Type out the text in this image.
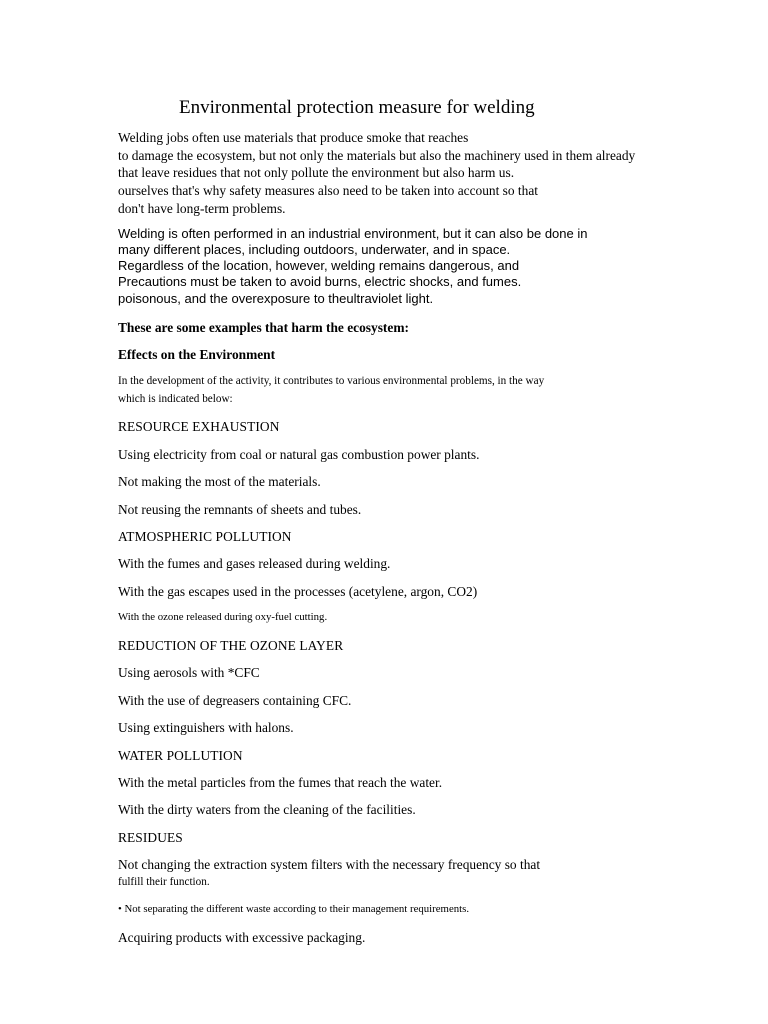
Environmental protection measure for welding
Welding jobs often use materials that produce smoke that reaches
to damage the ecosystem, but not only the materials but also the machinery used in them already
that leave residues that not only pollute the environment but also harm us.
ourselves that's why safety measures also need to be taken into account so that
don't have long-term problems.
Welding is often performed in an industrial environment, but it can also be done in
many different places, including outdoors, underwater, and in space.
Regardless of the location, however, welding remains dangerous, and
Precautions must be taken to avoid burns, electric shocks, and fumes.
poisonous, and the overexposure to theultraviolet light.
These are some examples that harm the ecosystem:
Effects on the Environment
In the development of the activity, it contributes to various environmental problems, in the way
which is indicated below:
RESOURCE EXHAUSTION
Using electricity from coal or natural gas combustion power plants.
Not making the most of the materials.
Not reusing the remnants of sheets and tubes.
ATMOSPHERIC POLLUTION
With the fumes and gases released during welding.
With the gas escapes used in the processes (acetylene, argon, CO2)
With the ozone released during oxy-fuel cutting.
REDUCTION OF THE OZONE LAYER
Using aerosols with *CFC
With the use of degreasers containing CFC.
Using extinguishers with halons.
WATER POLLUTION
With the metal particles from the fumes that reach the water.
With the dirty waters from the cleaning of the facilities.
RESIDUES
Not changing the extraction system filters with the necessary frequency so that
fulfill their function.
• Not separating the different waste according to their management requirements.
Acquiring products with excessive packaging.
